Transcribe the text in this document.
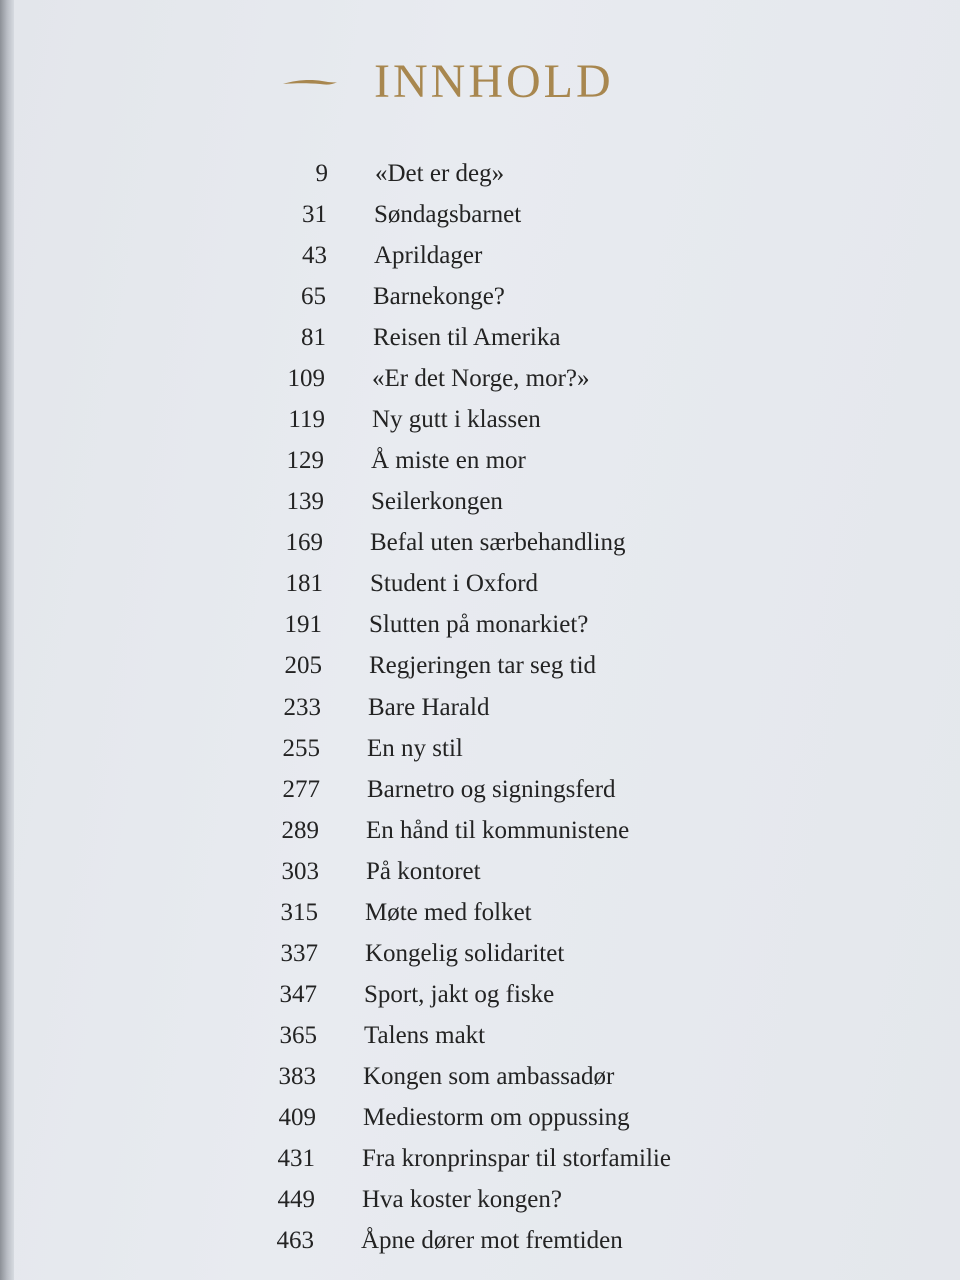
INNHOLD
9 «Det er deg»
31 Søndagsbarnet
43 Aprildager
65 Barnekonge?
81 Reisen til Amerika
109 «Er det Norge, mor?»
119 Ny gutt i klassen
129 Å miste en mor
139 Seilerkongen
169 Befal uten særbehandling
181 Student i Oxford
191 Slutten på monarkiet?
205 Regjeringen tar seg tid
233 Bare Harald
255 En ny stil
277 Barnetro og signingsferd
289 En hånd til kommunistene
303 På kontoret
315 Møte med folket
337 Kongelig solidaritet
347 Sport, jakt og fiske
365 Talens makt
383 Kongen som ambassadør
409 Mediestorm om oppussing
431 Fra kronprinspar til storfamilie
449 Hva koster kongen?
463 Åpne dører mot fremtiden
